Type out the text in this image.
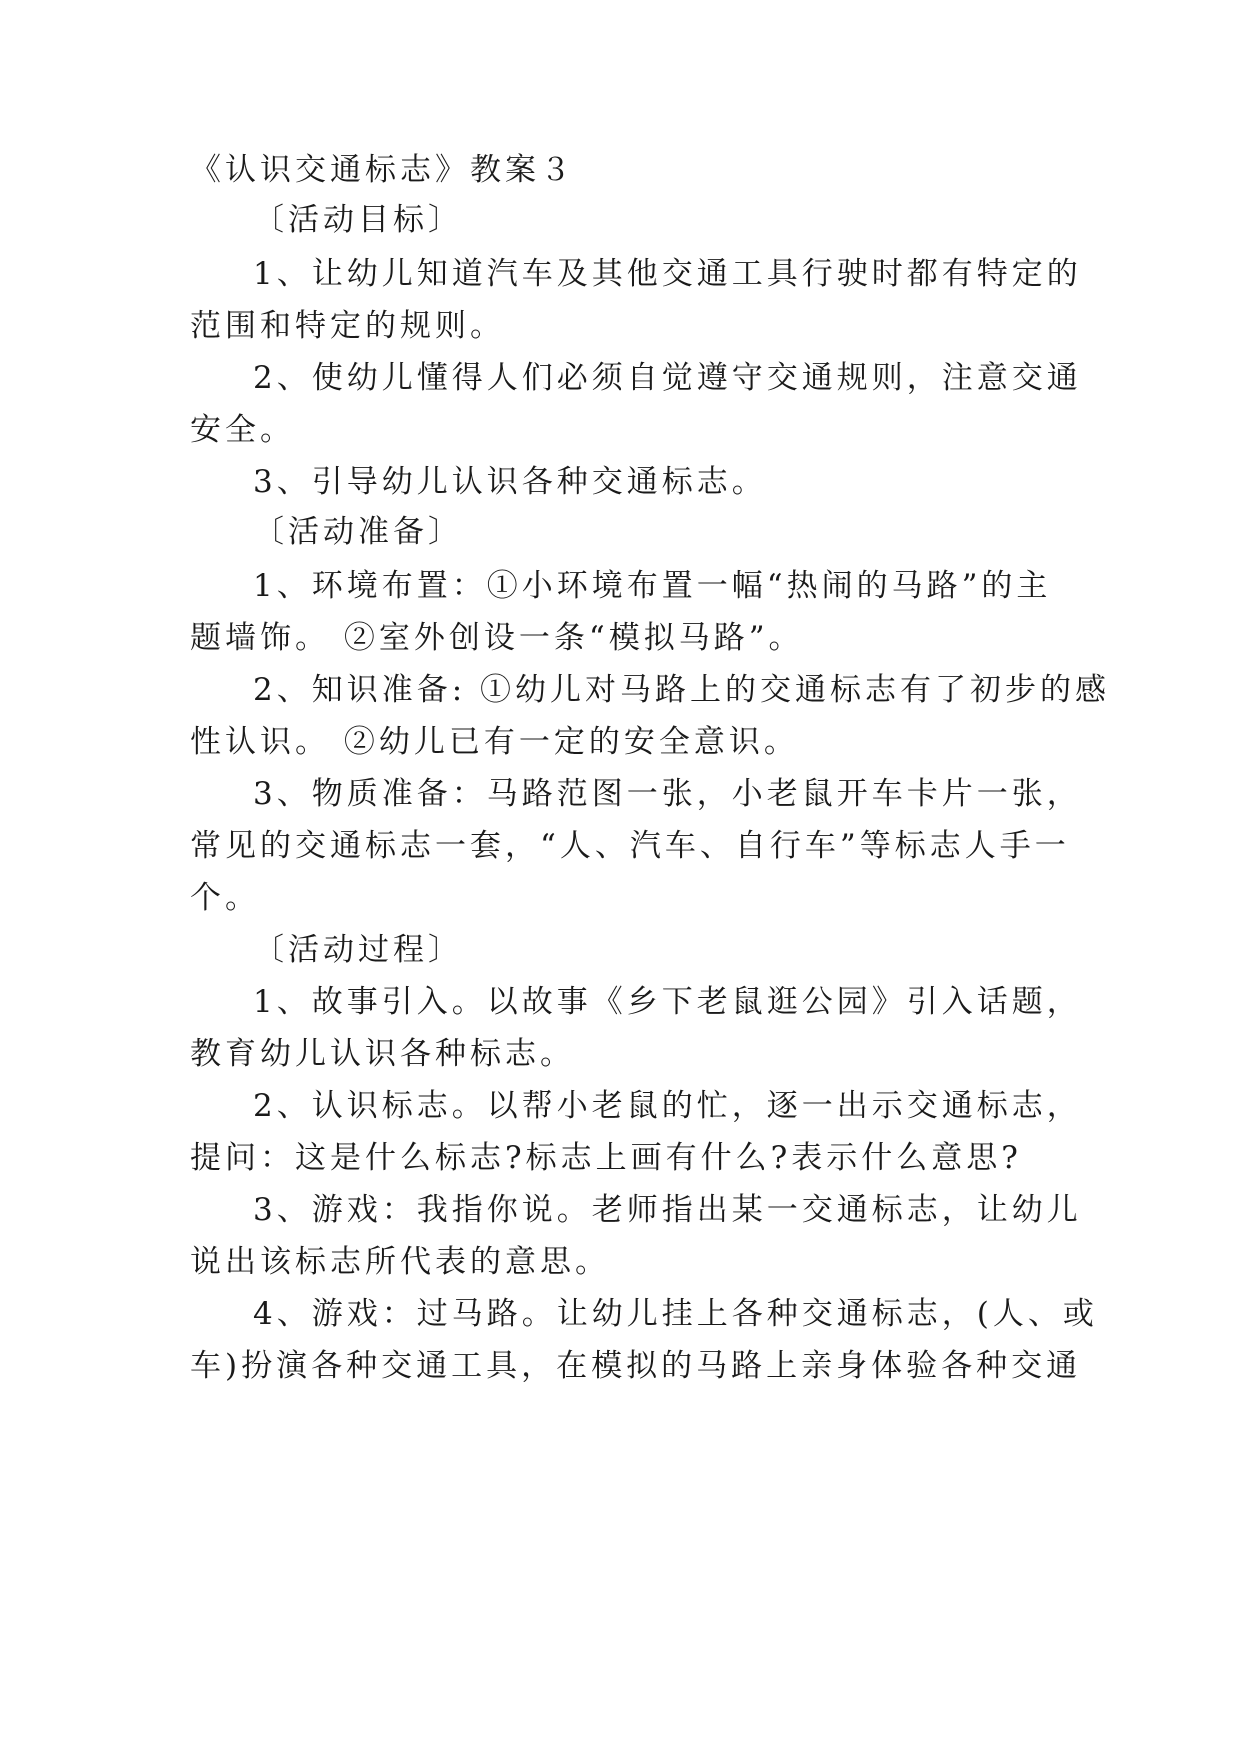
《认识交通标志》教案３
〔活动目标〕
1、让幼儿知道汽车及其他交通工具行驶时都有特定的
范围和特定的规则。
2、使幼儿懂得人们必须自觉遵守交通规则，注意交通
安全。
3、引导幼儿认识各种交通标志。
〔活动准备〕
1、环境布置：①小环境布置一幅“热闹的马路”的主
题墙饰。 ②室外创设一条“模拟马路”。
2、知识准备: ①幼儿对马路上的交通标志有了初步的感
性认识。 ②幼儿已有一定的安全意识。
3、物质准备：马路范图一张，小老鼠开车卡片一张，
常见的交通标志一套，“人、汽车、自行车”等标志人手一
个。
〔活动过程〕
1、故事引入。以故事《乡下老鼠逛公园》引入话题，
教育幼儿认识各种标志。
2、认识标志。以帮小老鼠的忙，逐一出示交通标志，
提问：这是什么标志?标志上画有什么?表示什么意思?
3、游戏：我指你说。老师指出某一交通标志，让幼儿
说出该标志所代表的意思。
4、游戏：过马路。让幼儿挂上各种交通标志，(人、或
车)扮演各种交通工具，在模拟的马路上亲身体验各种交通
